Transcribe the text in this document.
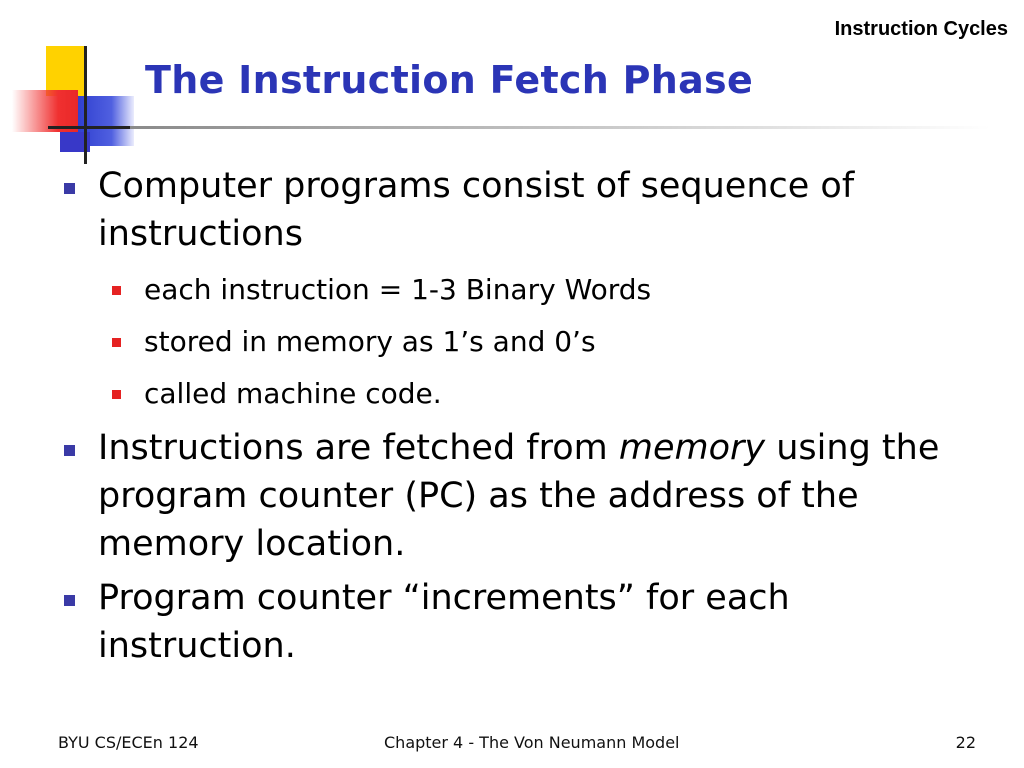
Instruction Cycles
The Instruction Fetch Phase
Computer programs consist of sequence of instructions
each instruction = 1-3 Binary Words
stored in memory as 1’s and 0’s
called machine code.
Instructions are fetched from memory using the program counter (PC) as the address of the memory location.
Program counter “increments” for each instruction.
BYU CS/ECEn 124	Chapter 4 - The Von Neumann Model	22
